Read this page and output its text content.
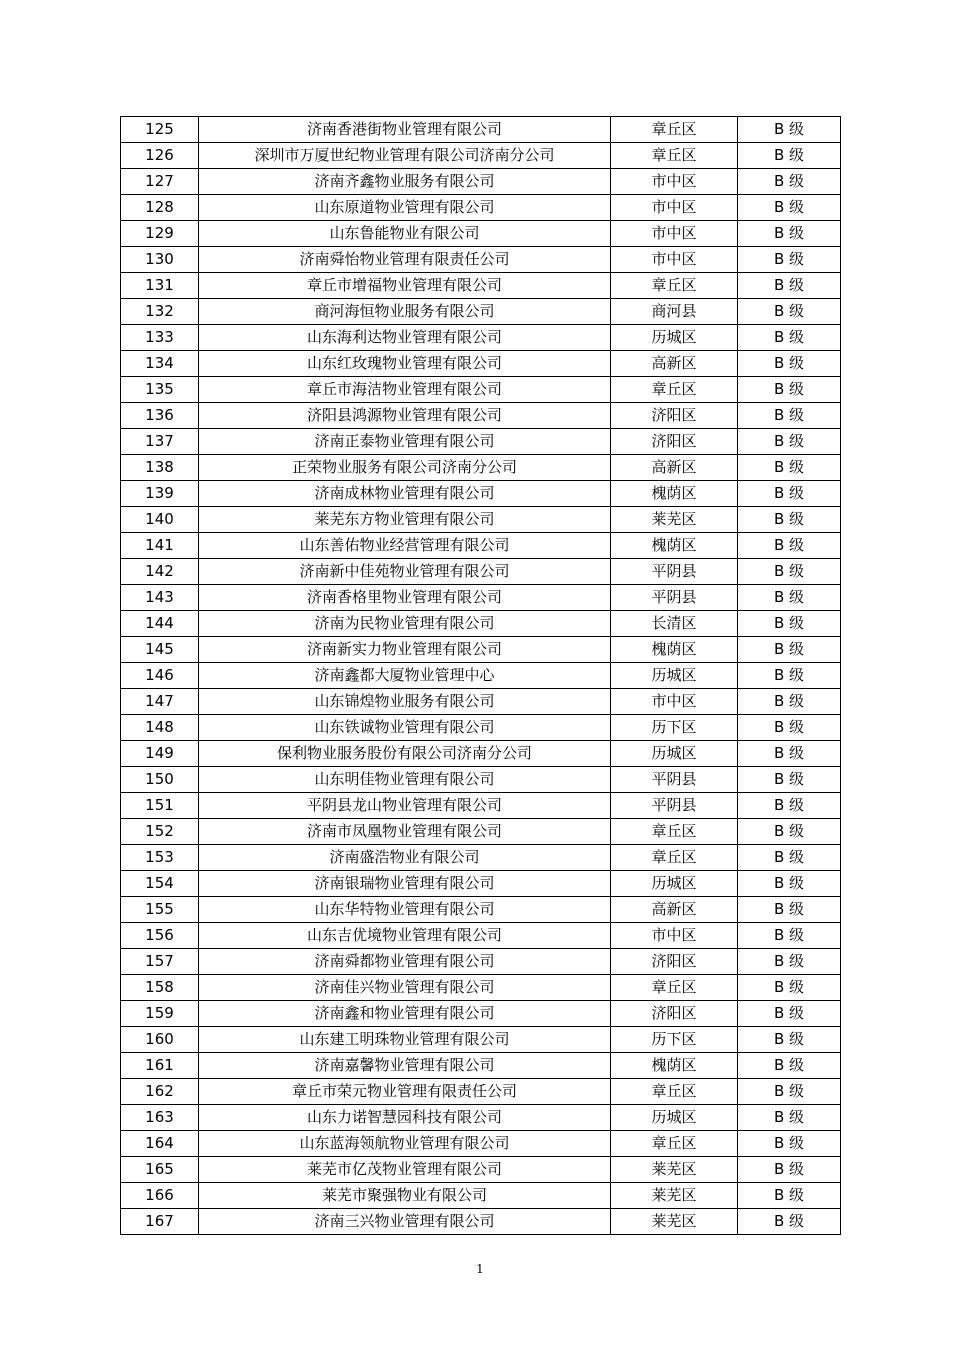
125	济南香港街物业管理有限公司	章丘区	B 级
126	深圳市万厦世纪物业管理有限公司济南分公司	章丘区	B 级
127	济南齐鑫物业服务有限公司	市中区	B 级
128	山东原道物业管理有限公司	市中区	B 级
129	山东鲁能物业有限公司	市中区	B 级
130	济南舜怡物业管理有限责任公司	市中区	B 级
131	章丘市增福物业管理有限公司	章丘区	B 级
132	商河海恒物业服务有限公司	商河县	B 级
133	山东海利达物业管理有限公司	历城区	B 级
134	山东红玫瑰物业管理有限公司	高新区	B 级
135	章丘市海洁物业管理有限公司	章丘区	B 级
136	济阳县鸿源物业管理有限公司	济阳区	B 级
137	济南正泰物业管理有限公司	济阳区	B 级
138	正荣物业服务有限公司济南分公司	高新区	B 级
139	济南成林物业管理有限公司	槐荫区	B 级
140	莱芜东方物业管理有限公司	莱芜区	B 级
141	山东善佑物业经营管理有限公司	槐荫区	B 级
142	济南新中佳苑物业管理有限公司	平阴县	B 级
143	济南香格里物业管理有限公司	平阴县	B 级
144	济南为民物业管理有限公司	长清区	B 级
145	济南新实力物业管理有限公司	槐荫区	B 级
146	济南鑫都大厦物业管理中心	历城区	B 级
147	山东锦煌物业服务有限公司	市中区	B 级
148	山东铁诚物业管理有限公司	历下区	B 级
149	保利物业服务股份有限公司济南分公司	历城区	B 级
150	山东明佳物业管理有限公司	平阴县	B 级
151	平阴县龙山物业管理有限公司	平阴县	B 级
152	济南市凤凰物业管理有限公司	章丘区	B 级
153	济南盛浩物业有限公司	章丘区	B 级
154	济南银瑞物业管理有限公司	历城区	B 级
155	山东华特物业管理有限公司	高新区	B 级
156	山东吉优境物业管理有限公司	市中区	B 级
157	济南舜都物业管理有限公司	济阳区	B 级
158	济南佳兴物业管理有限公司	章丘区	B 级
159	济南鑫和物业管理有限公司	济阳区	B 级
160	山东建工明珠物业管理有限公司	历下区	B 级
161	济南嘉馨物业管理有限公司	槐荫区	B 级
162	章丘市荣元物业管理有限责任公司	章丘区	B 级
163	山东力诺智慧园科技有限公司	历城区	B 级
164	山东蓝海领航物业管理有限公司	章丘区	B 级
165	莱芜市亿茂物业管理有限公司	莱芜区	B 级
166	莱芜市聚强物业有限公司	莱芜区	B 级
167	济南三兴物业管理有限公司	莱芜区	B 级
1
